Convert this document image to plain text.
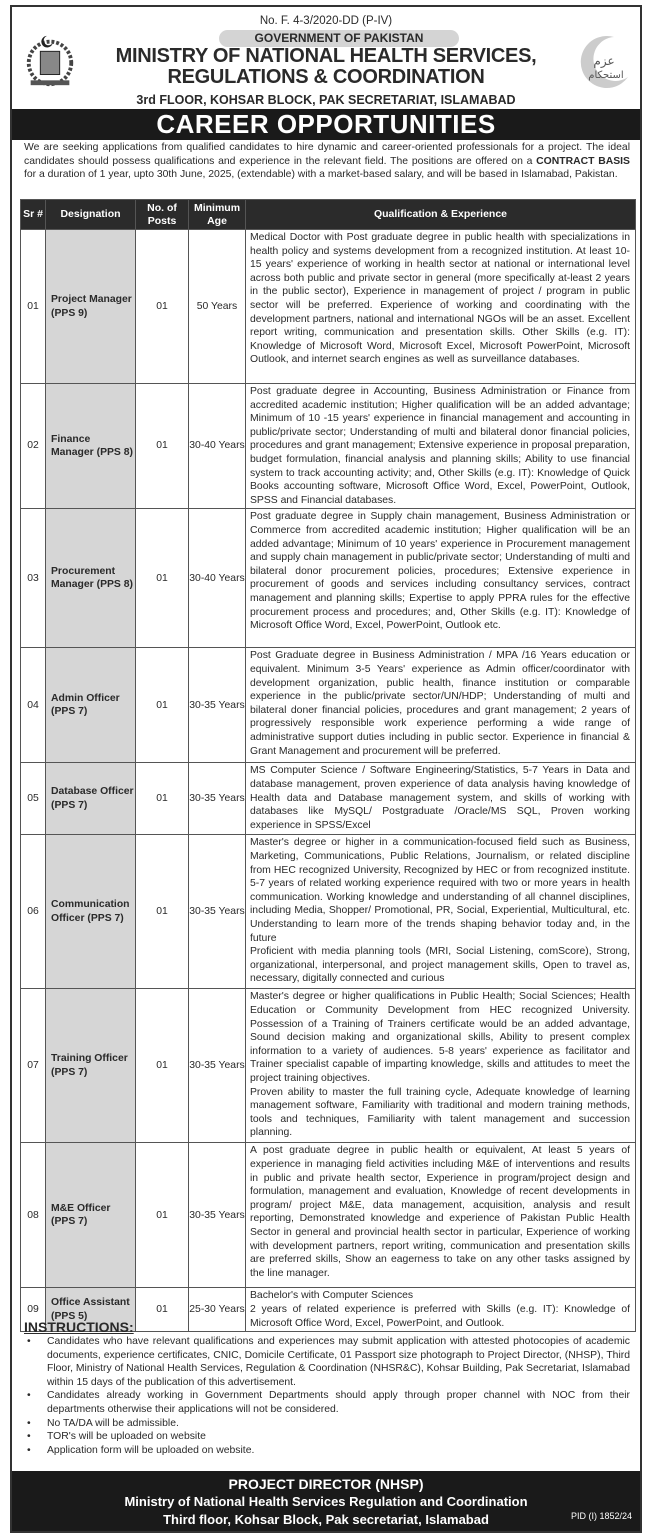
No. F. 4-3/2020-DD (P-IV)
GOVERNMENT OF PAKISTAN
MINISTRY OF NATIONAL HEALTH SERVICES,
REGULATIONS & COORDINATION
3rd FLOOR, KOHSAR BLOCK, PAK SECRETARIAT, ISLAMABAD
عزم
استحکام
CAREER OPPORTUNITIES
We are seeking applications from qualified candidates to hire dynamic and career-oriented professionals for a project. The ideal candidates should possess qualifications and experience in the relevant field. The positions are offered on a CONTRACT BASIS for a duration of 1 year, upto 30th June, 2025, (extendable) with a market-based salary, and will be based in Islamabad, Pakistan.
Sr #	Designation	No. of Posts	Minimum Age	Qualification & Experience
01	Project Manager (PPS 9)	01	50 Years	Medical Doctor with Post graduate degree in public health with specializations in health policy and systems development from a recognized institution. At least 10- 15 years' experience of working in health sector at national or international level across both public and private sector in general (more specifically at-least 2 years in the public sector), Experience in management of project / program in public sector will be preferred. Experience of working and coordinating with the development partners, national and international NGOs will be an asset. Excellent report writing, communication and presentation skills. Other Skills (e.g. IT): Knowledge of Microsoft Word, Microsoft Excel, Microsoft PowerPoint, Microsoft Outlook, and internet search engines as well as surveillance databases.
02	Finance Manager (PPS 8)	01	30-40 Years	Post graduate degree in Accounting, Business Administration or Finance from accredited academic institution; Higher qualification will be an added advantage; Minimum of 10 -15 years' experience in financial management and accounting in public/private sector; Understanding of multi and bilateral donor financial policies, procedures and grant management; Extensive experience in proposal preparation, budget formulation, financial analysis and planning skills; Ability to use financial system to track accounting activity; and, Other Skills (e.g. IT): Knowledge of Quick Books accounting software, Microsoft Office Word, Excel, PowerPoint, Outlook, SPSS and Financial databases.
03	Procurement Manager (PPS 8)	01	30-40 Years	Post graduate degree in Supply chain management, Business Administration or Commerce from accredited academic institution; Higher qualification will be an added advantage; Minimum of 10 years' experience in Procurement management and supply chain management in public/private sector; Understanding of multi and bilateral donor procurement policies, procedures; Extensive experience in procurement of goods and services including consultancy services, contract management and planning skills; Expertise to apply PPRA rules for the effective procurement process and procedures; and, Other Skills (e.g. IT): Knowledge of Microsoft Office Word, Excel, PowerPoint, Outlook etc.
04	Admin Officer (PPS 7)	01	30-35 Years	Post Graduate degree in Business Administration / MPA /16 Years education or equivalent. Minimum 3-5 Years' experience as Admin officer/coordinator with development organization, public health, finance institution or comparable experience in the public/private sector/UN/HDP; Understanding of multi and bilateral doner financial policies, procedures and grant management; 2 years of progressively responsible work experience performing a wide range of administrative support duties including in public sector. Experience in financial & Grant Management and procurement will be preferred.
05	Database Officer (PPS 7)	01	30-35 Years	MS Computer Science / Software Engineering/Statistics, 5-7 Years in Data and database management, proven experience of data analysis having knowledge of Health data and Database management system, and skills of working with databases like MySQL/ Postgraduate /Oracle/MS SQL, Proven working experience in SPSS/Excel
06	Communication Officer (PPS 7)	01	30-35 Years	Master's degree or higher in a communication-focused field such as Business, Marketing, Communications, Public Relations, Journalism, or related discipline from HEC recognized University, Recognized by HEC or from recognized institute. 5-7 years of related working experience required with two or more years in health communication. Working knowledge and understanding of all channel disciplines, including Media, Shopper/ Promotional, PR, Social, Experiential, Multicultural, etc. Understanding to learn more of the trends shaping behavior today and, in the future
Proficient with media planning tools (MRI, Social Listening, comScore), Strong, organizational, interpersonal, and project management skills, Open to travel as, necessary, digitally connected and curious
07	Training Officer (PPS 7)	01	30-35 Years	Master's degree or higher qualifications in Public Health; Social Sciences; Health Education or Community Development from HEC recognized University. Possession of a Training of Trainers certificate would be an added advantage, Sound decision making and organizational skills, Ability to present complex information to a variety of audiences. 5-8 years' experience as facilitator and Trainer specialist capable of imparting knowledge, skills and attitudes to meet the project training objectives.
Proven ability to master the full training cycle, Adequate knowledge of learning management software, Familiarity with traditional and modern training methods, tools and techniques, Familiarity with talent management and succession planning.
08	M&E Officer (PPS 7)	01	30-35 Years	A post graduate degree in public health or equivalent, At least 5 years of experience in managing field activities including M&E of interventions and results in public and private health sector, Experience in program/project design and formulation, management and evaluation, Knowledge of recent developments in program/ project M&E, data management, acquisition, analysis and result reporting, Demonstrated knowledge and experience of Pakistan Public Health Sector in general and provincial health sector in particular, Experience of working with development partners, report writing, communication and presentation skills are preferred skills, Show an eagerness to take on any other tasks assigned by the line manager.
09	Office Assistant (PPS 5)	01	25-30 Years	Bachelor's with Computer Sciences
2 years of related experience is preferred with Skills (e.g. IT): Knowledge of Microsoft Office Word, Excel, PowerPoint, and Outlook.
INSTRUCTIONS:
• Candidates who have relevant qualifications and experiences may submit application with attested photocopies of academic documents, experience certificates, CNIC, Domicile Certificate, 01 Passport size photograph to Project Director, (NHSP), Third Floor, Ministry of National Health Services, Regulation & Coordination (NHSR&C), Kohsar Building, Pak Secretariat, Islamabad within 15 days of the publication of this advertisement.
• Candidates already working in Government Departments should apply through proper channel with NOC from their departments otherwise their applications will not be considered.
• No TA/DA will be admissible.
• TOR's will be uploaded on website
• Application form will be uploaded on website.
PROJECT DIRECTOR (NHSP)
Ministry of National Health Services Regulation and Coordination
Third floor, Kohsar Block, Pak secretariat, Islamabad	PID (I) 1852/24
